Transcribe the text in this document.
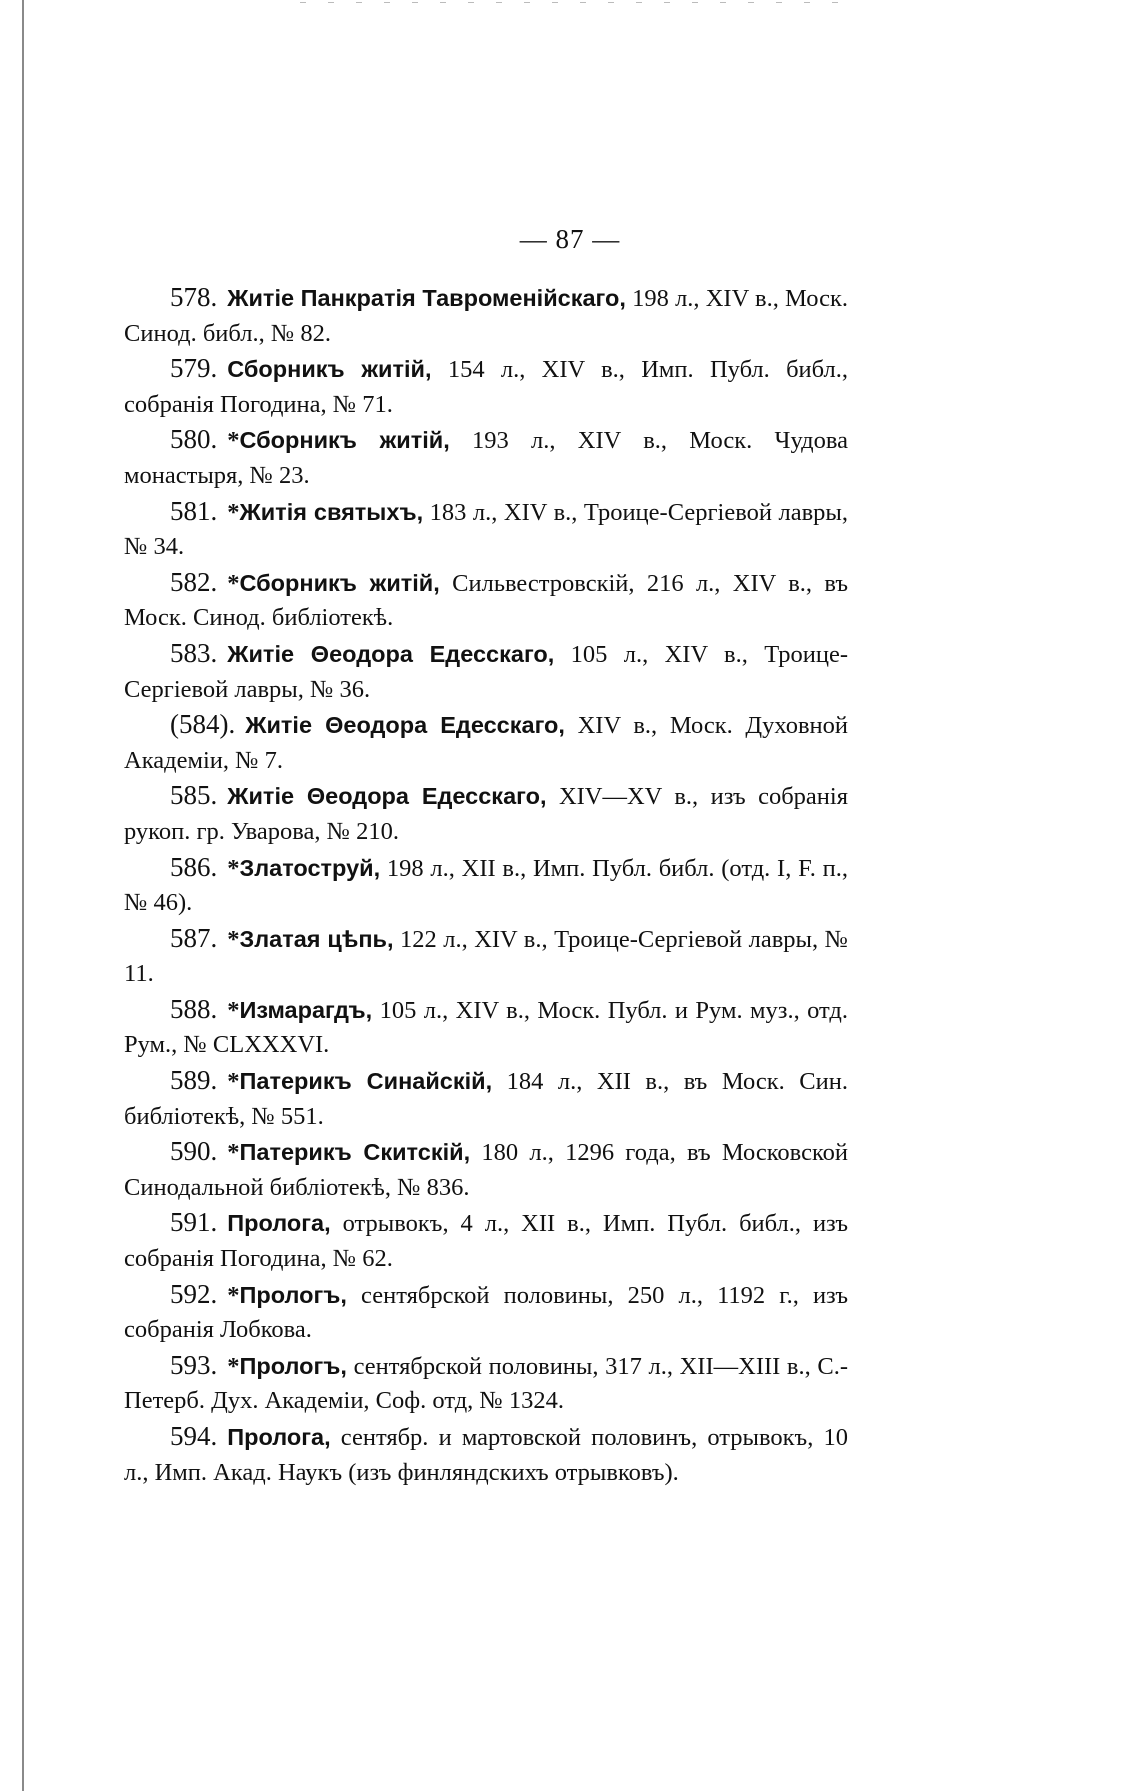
— 87 —

578. Житіе Панкратія Тавроменійскаго, 198 л., XIV в., Моск. Синод. библ., № 82.

579. Сборникъ житій, 154 л., XIV в., Имп. Публ. библ., собранія Погодина, № 71.

580. *Сборникъ житій, 193 л., XIV в., Моск. Чудова монастыря, № 23.

581. *Житія святыхъ, 183 л., XIV в., Троице-Сергіевой лавры, № 34.

582. *Сборникъ житій, Сильвестровскій, 216 л., XIV в., въ Моск. Синод. библіотекѣ.

583. Житіе Θеодора Едесскаго, 105 л., XIV в., Троице-Сергіевой лавры, № 36.

(584). Житіе Θеодора Едесскаго, XIV в., Моск. Духовной Академіи, № 7.

585. Житіе Θеодора Едесскаго, XIV—XV в., изъ собранія рукоп. гр. Уварова, № 210.

586. *Златоструй, 198 л., XII в., Имп. Публ. библ. (отд. I, F. п., № 46).

587. *Златая цѣпь, 122 л., XIV в., Троице-Сергіевой лавры, № 11.

588. *Измарагдъ, 105 л., XIV в., Моск. Публ. и Рум. муз., отд. Рум., № CLXXXVI.

589. *Патерикъ Синайскій, 184 л., XII в., въ Моск. Син. библіотекѣ, № 551.

590. *Патерикъ Скитскій, 180 л., 1296 года, въ Московской Синодальной библіотекѣ, № 836.

591. Пролога, отрывокъ, 4 л., XII в., Имп. Публ. библ., изъ собранія Погодина, № 62.

592. *Прологъ, сентябрской половины, 250 л., 1192 г., изъ собранія Лобкова.

593. *Прологъ, сентябрской половины, 317 л., XII—XIII в., С.-Петерб. Дух. Академіи, Соф. отд, № 1324.

594. Пролога, сентябр. и мартовской половинъ, отрывокъ, 10 л., Имп. Акад. Наукъ (изъ финляндскихъ отрывковъ).
